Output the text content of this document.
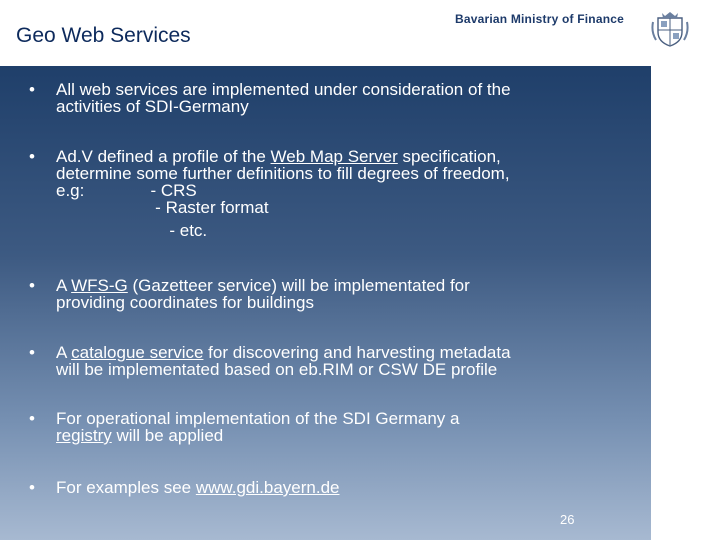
Geo Web Services
Bavarian Ministry of Finance
• All web services are implemented under consideration of the
activities of SDI-Germany
• Ad.V defined a profile of the Web Map Server specification,
determine some further definitions to fill degrees of freedom,
e.g:              - CRS
- Raster format
- etc.
• A WFS-G (Gazetteer service) will be implementated for
providing coordinates for buildings
• A catalogue service for discovering and harvesting metadata
will be implementated based on eb.RIM or CSW DE profile
• For operational implementation of the SDI Germany a
registry will be applied
• For examples see www.gdi.bayern.de
26
